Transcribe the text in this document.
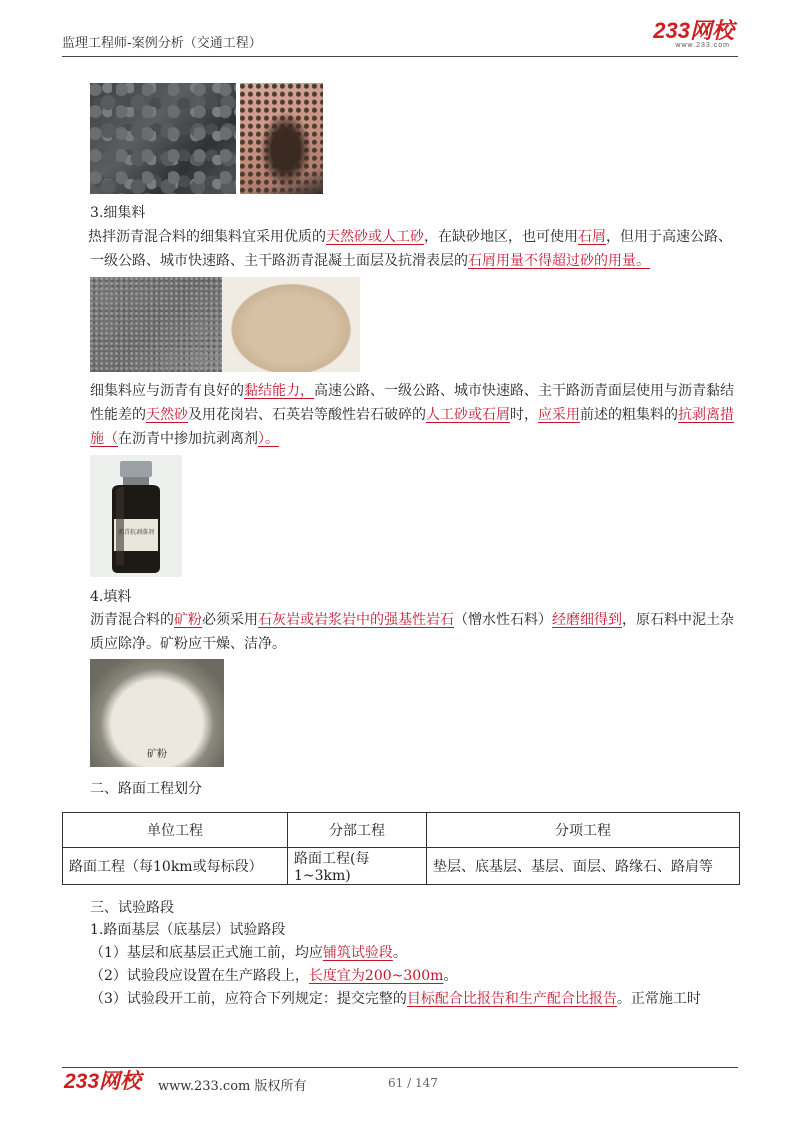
监理工程师-案例分析（交通工程）
233网校
www.233.com
3.细集料
热拌沥青混合料的细集料宜采用优质的天然砂或人工砂，在缺砂地区，也可使用石屑，但用于高速公路、一级公路、城市快速路、主干路沥青混凝土面层及抗滑表层的石屑用量不得超过砂的用量。
细集料应与沥青有良好的黏结能力，高速公路、一级公路、城市快速路、主干路沥青面层使用与沥青黏结性能差的天然砂及用花岗岩、石英岩等酸性岩石破碎的人工砂或石屑时，应采用前述的粗集料的抗剥离措施（在沥青中掺加抗剥离剂）。
沥青抗剥落剂
4.填料
沥青混合料的矿粉必须采用石灰岩或岩浆岩中的强基性岩石（憎水性石料）经磨细得到，原石料中泥土杂质应除净。矿粉应干燥、洁净。
矿粉
二、路面工程划分
单位工程	分部工程	分项工程
路面工程（每10km或每标段）	路面工程(每1~3km)	垫层、底基层、基层、面层、路缘石、路肩等
三、试验路段
1.路面基层（底基层）试验路段
（1）基层和底基层正式施工前，均应铺筑试验段。
（2）试验段应设置在生产路段上，长度宜为200~300m。
（3）试验段开工前，应符合下列规定：提交完整的目标配合比报告和生产配合比报告。正常施工时
233网校 www.233.com 版权所有	61 / 147
